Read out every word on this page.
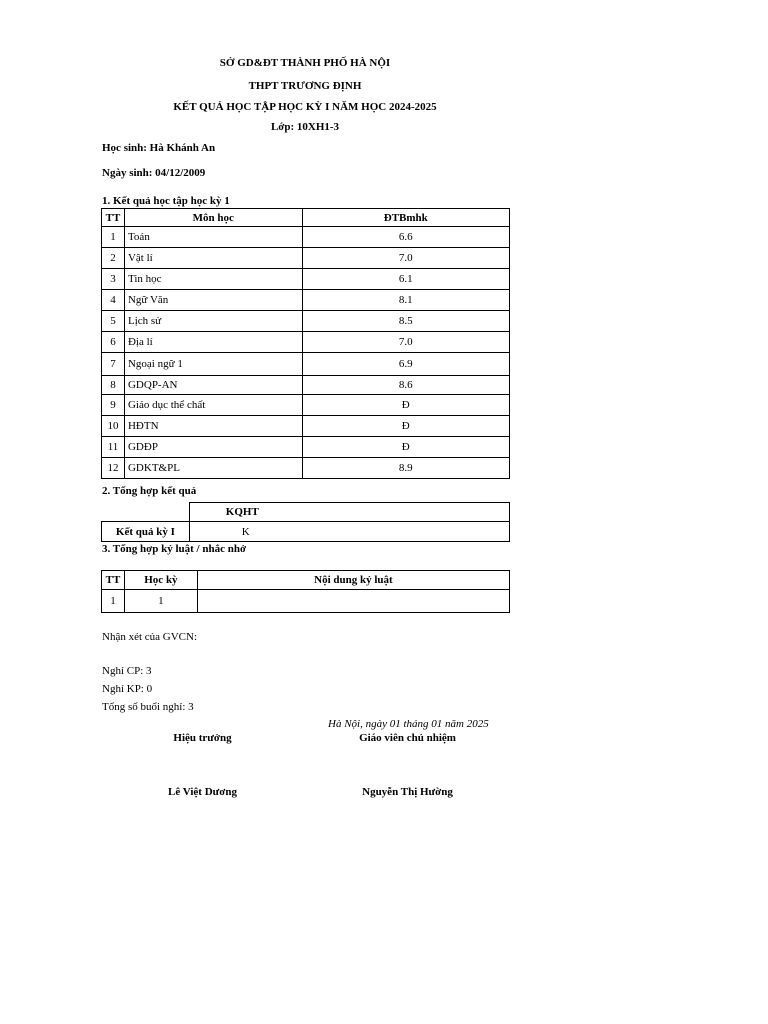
SỞ GD&ĐT THÀNH PHỐ HÀ NỘI
THPT TRƯƠNG ĐỊNH
KẾT QUẢ HỌC TẬP HỌC KỲ I NĂM HỌC 2024-2025
Lớp: 10XH1-3
Học sinh: Hà Khánh An
Ngày sinh: 04/12/2009
1. Kết quả học tập học kỳ 1
TT	Môn học	ĐTBmhk
1	Toán	6.6
2	Vật lí	7.0
3	Tin học	6.1
4	Ngữ Văn	8.1
5	Lịch sử	8.5
6	Địa lí	7.0
7	Ngoại ngữ 1	6.9
8	GDQP-AN	8.6
9	Giáo dục thể chất	Đ
10	HĐTN	Đ
11	GDĐP	Đ
12	GDKT&PL	8.9
2. Tổng hợp kết quả
	KQHT
Kết quả kỳ I	K
3. Tổng hợp kỷ luật / nhắc nhở
TT	Học kỳ	Nội dung kỷ luật
1	1	
Nhận xét của GVCN:
Nghỉ CP: 3
Nghỉ KP: 0
Tổng số buổi nghỉ: 3
Hà Nội, ngày 01 tháng 01 năm 2025
Hiệu trưởng	Giáo viên chủ nhiệm
Lê Việt Dương	Nguyễn Thị Hường
